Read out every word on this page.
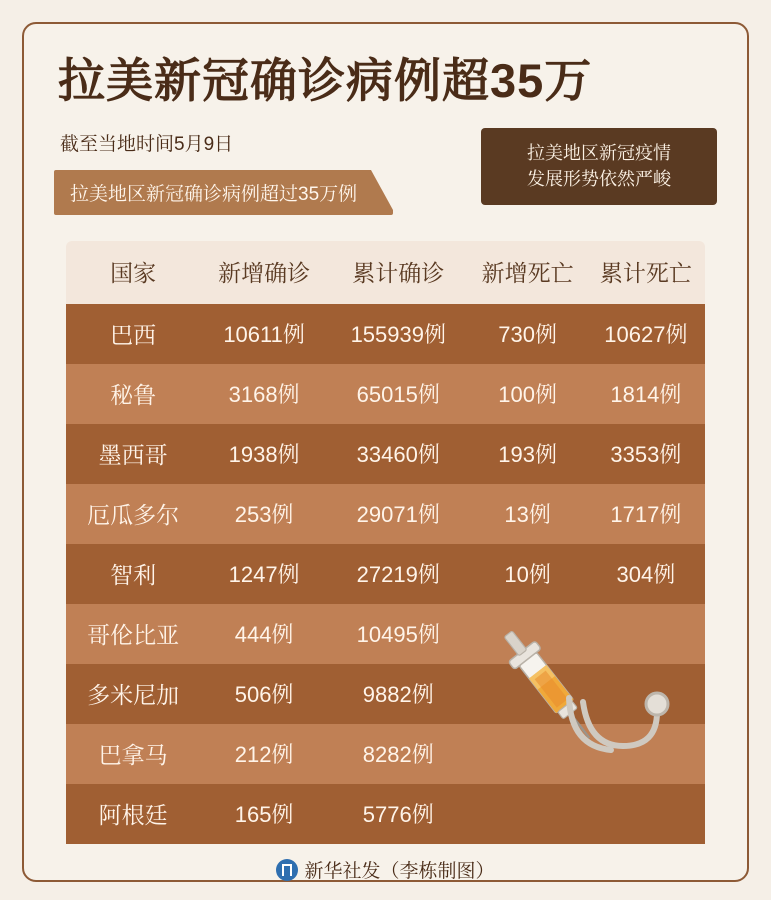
拉美新冠确诊病例超35万
截至当地时间5月9日
拉美地区新冠确诊病例超过35万例
拉美地区新冠疫情
发展形势依然严峻
国家	新增确诊	累计确诊	新增死亡	累计死亡
巴西	10611例	155939例	730例	10627例
秘鲁	3168例	65015例	100例	1814例
墨西哥	1938例	33460例	193例	3353例
厄瓜多尔	253例	29071例	13例	1717例
智利	1247例	27219例	10例	304例
哥伦比亚	444例	10495例		
多米尼加	506例	9882例		
巴拿马	212例	8282例		
阿根廷	165例	5776例		
新华社发（李栋制图）
